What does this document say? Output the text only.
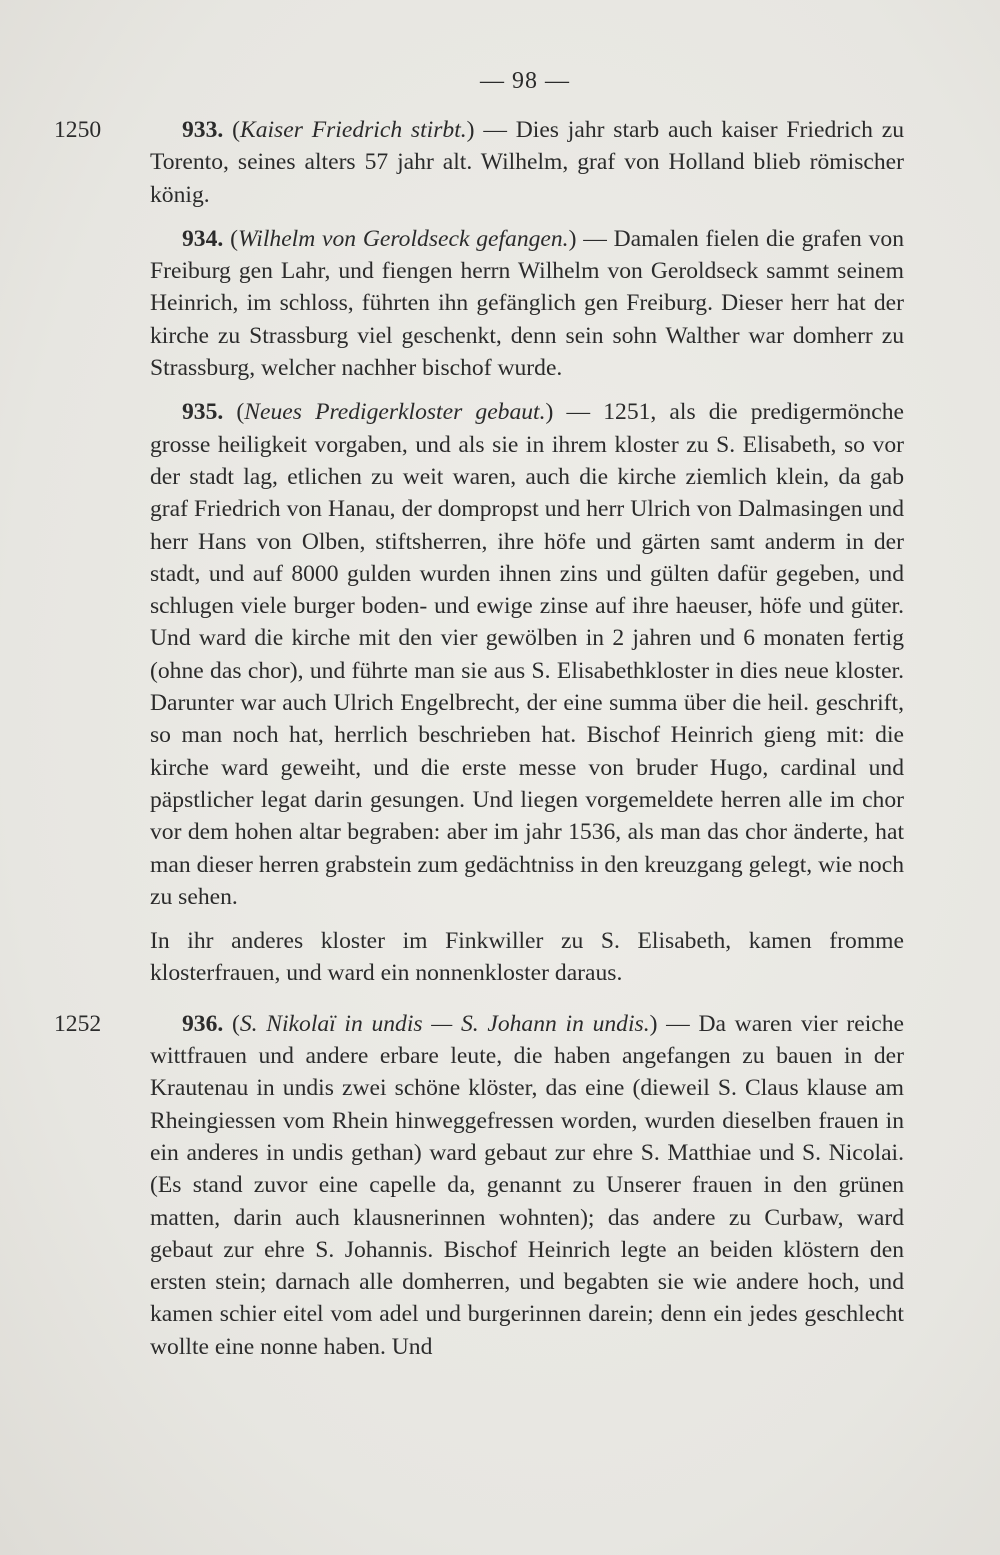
— 98 —

1250	933. (Kaiser Friedrich stirbt.) — Dies jahr starb auch kaiser Friedrich zu Torento, seines alters 57 jahr alt. Wilhelm, graf von Holland blieb römischer könig.

934. (Wilhelm von Geroldseck gefangen.) — Damalen fielen die grafen von Freiburg gen Lahr, und fiengen herrn Wilhelm von Geroldseck sammt seinem Heinrich, im schloss, führten ihn gefänglich gen Freiburg. Dieser herr hat der kirche zu Strassburg viel geschenkt, denn sein sohn Walther war domherr zu Strassburg, welcher nachher bischof wurde.

935. (Neues Predigerkloster gebaut.) — 1251, als die predigermönche grosse heiligkeit vorgaben, und als sie in ihrem kloster zu S. Elisabeth, so vor der stadt lag, etlichen zu weit waren, auch die kirche ziemlich klein, da gab graf Friedrich von Hanau, der dompropst und herr Ulrich von Dalmasingen und herr Hans von Olben, stiftsherren, ihre höfe und gärten samt anderm in der stadt, und auf 8000 gulden wurden ihnen zins und gülten dafür gegeben, und schlugen viele burger boden- und ewige zinse auf ihre haeuser, höfe und güter. Und ward die kirche mit den vier gewölben in 2 jahren und 6 monaten fertig (ohne das chor), und führte man sie aus S. Elisabethkloster in dies neue kloster. Darunter war auch Ulrich Engelbrecht, der eine summa über die heil. geschrift, so man noch hat, herrlich beschrieben hat. Bischof Heinrich gieng mit: die kirche ward geweiht, und die erste messe von bruder Hugo, cardinal und päpstlicher legat darin gesungen. Und liegen vorgemeldete herren alle im chor vor dem hohen altar begraben: aber im jahr 1536, als man das chor änderte, hat man dieser herren grabstein zum gedächtniss in den kreuzgang gelegt, wie noch zu sehen.

In ihr anderes kloster im Finkwiller zu S. Elisabeth, kamen fromme klosterfrauen, und ward ein nonnenkloster daraus.

1252	936. (S. Nikolaï in undis — S. Johann in undis.) — Da waren vier reiche wittfrauen und andere erbare leute, die haben angefangen zu bauen in der Krautenau in undis zwei schöne klöster, das eine (dieweil S. Claus klause am Rheingiessen vom Rhein hinweggefressen worden, wurden dieselben frauen in ein anderes in undis gethan) ward gebaut zur ehre S. Matthiae und S. Nicolai. (Es stand zuvor eine capelle da, genannt zu Unserer frauen in den grünen matten, darin auch klausnerinnen wohnten); das andere zu Curbaw, ward gebaut zur ehre S. Johannis. Bischof Heinrich legte an beiden klöstern den ersten stein; darnach alle domherren, und begabten sie wie andere hoch, und kamen schier eitel vom adel und burgerinnen darein; denn ein jedes geschlecht wollte eine nonne haben. Und
